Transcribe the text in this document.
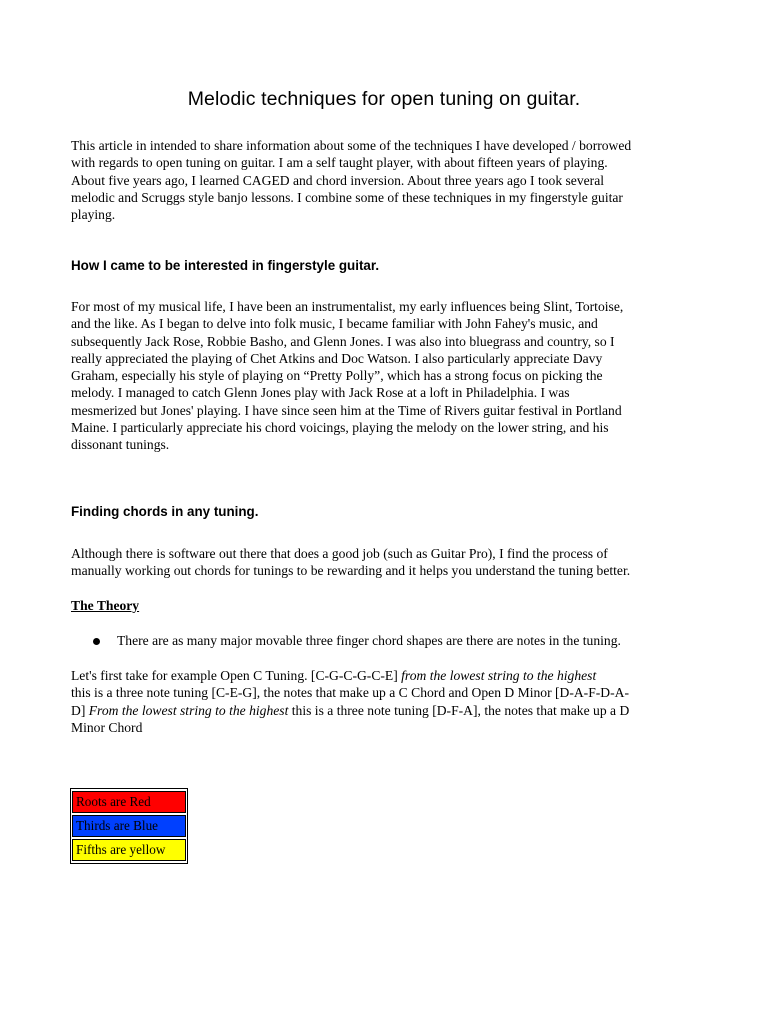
Melodic techniques for open tuning on guitar.
This article in intended to share information about some of the techniques I have developed / borrowed
with regards to open tuning on guitar. I am a self taught player, with about fifteen years of playing.
About five years ago, I learned CAGED and chord inversion. About three years ago I took several
melodic and Scruggs style banjo lessons. I combine some of these techniques in my fingerstyle guitar
playing.
How I came to be interested in fingerstyle guitar.
For most of my musical life, I have been an instrumentalist, my early influences being Slint, Tortoise,
and the like. As I began to delve into folk music, I became familiar with John Fahey's music, and
subsequently Jack Rose, Robbie Basho, and Glenn Jones. I was also into bluegrass and country, so I
really appreciated the playing of Chet Atkins and Doc Watson. I also particularly appreciate Davy
Graham, especially his style of playing on “Pretty Polly”, which has a strong focus on picking the
melody. I managed to catch Glenn Jones play with Jack Rose at a loft in Philadelphia. I was
mesmerized but Jones' playing. I have since seen him at the Time of Rivers guitar festival in Portland
Maine. I particularly appreciate his chord voicings, playing the melody on the lower string, and his
dissonant tunings.
Finding chords in any tuning.
Although there is software out there that does a good job (such as Guitar Pro), I find the process of
manually working out chords for tunings to be rewarding and it helps you understand the tuning better.
The Theory
There are as many major movable three finger chord shapes are there are notes in the tuning.
Let's first take for example Open C Tuning. [C-G-C-G-C-E] from the lowest string to the highest
this is a three note tuning [C-E-G], the notes that make up a C Chord and Open D Minor [D-A-F-D-A-
D] From the lowest string to the highest this is a three note tuning [D-F-A], the notes that make up a D
Minor Chord
Roots are Red
Thirds are Blue
Fifths are yellow
